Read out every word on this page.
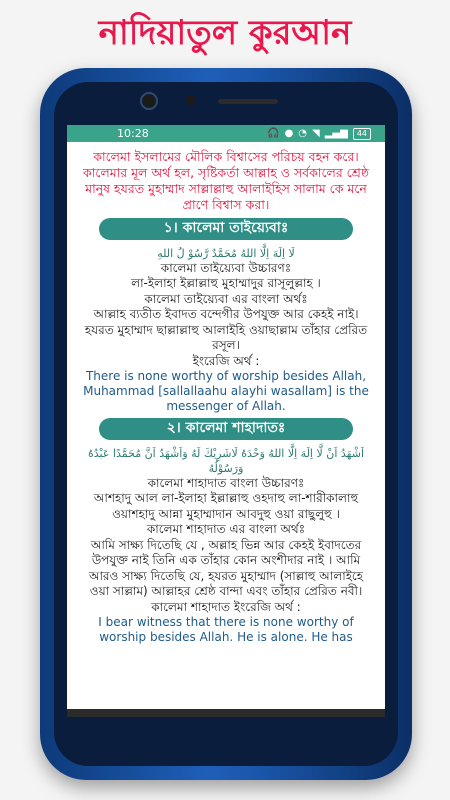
নাদিয়াতুল কুরআন
10:28	🎧 ● ◔ ◥ ▂▄▆	44
কালেমা ইসলামের মৌলিক বিশ্বাসের পরিচয় বহন করে। কালেমার মূল অর্থ হল, সৃষ্টিকর্তা আল্লাহ ও সর্বকালের শ্রেষ্ঠ মানুষ হযরত মুহাম্মাদ সাল্লাল্লাহু আলাইহিস সালাম কে মনে প্রাণে বিশ্বাস করা।
১। কালেমা তাইয়্যেবাঃ
لَا اِلَهَ اِلَّا اللهُ مُحَمَّدٌ رَّسُوْ لُ اللهِ
কালেমা তাইয়্যেবা উচ্চারণঃ
লা-ইলাহা ইল্লাল্লাহু মুহাম্মাদুর রাসূলুল্লাহ ।
কালেমা তাইয়্যেবা এর বাংলা অর্থঃ
আল্লাহ ব্যতীত ইবাদত বন্দেগীর উপযুক্ত আর কেহই নাই। হযরত মুহাম্মাদ ছাল্লাল্লাহু আলাইহি ওয়াছাল্লাম তাঁহার প্রেরিত রসূল।
ইংরেজি অর্থ :
There is none worthy of worship besides Allah, Muhammad [sallallaahu alayhi wasallam] is the messenger of Allah.
২। কালেমা শাহাদাতঃ
اَشْهَدُ اَنْ لَّا اِلَهَ اِلَّا اللهُ وَحْدَهُ لَاشَرِيْكَ لَهُ وَاَشْهَدُ اَنَّ مُحَمَّدًا عَبْدُهُ وَرَسُوْلُهُ
কালেমা শাহাদাত বাংলা উচ্চারণঃ
আশহাদু আল লা-ইলাহা ইল্লাল্লাহু ওহদাহু লা-শারীকালাহু ওয়াশহাদু আন্না মুহাম্মাদান আবদুহু ওয়া রাছুলুহু ।
কালেমা শাহাদাত এর বাংলা অর্থঃ
আমি সাক্ষ্য দিতেছি যে , অল্লাহ ভিন্ন আর কেহই ইবাদতের উপযুক্ত নাই তিনি এক তাঁহার কোন অংশীদার নাই । আমি আরও সাক্ষ্য দিতেছি যে, হযরত মুহাম্মাদ (সাল্লাহু আলাইহে ওয়া সাল্লাম) আল্লাহর শ্রেষ্ঠ বান্দা এবং তাঁহার প্রেরিত নবী।
কালেমা শাহাদাত ইংরেজি অর্থ :
I bear witness that there is none worthy of worship besides Allah. He is alone. He has
